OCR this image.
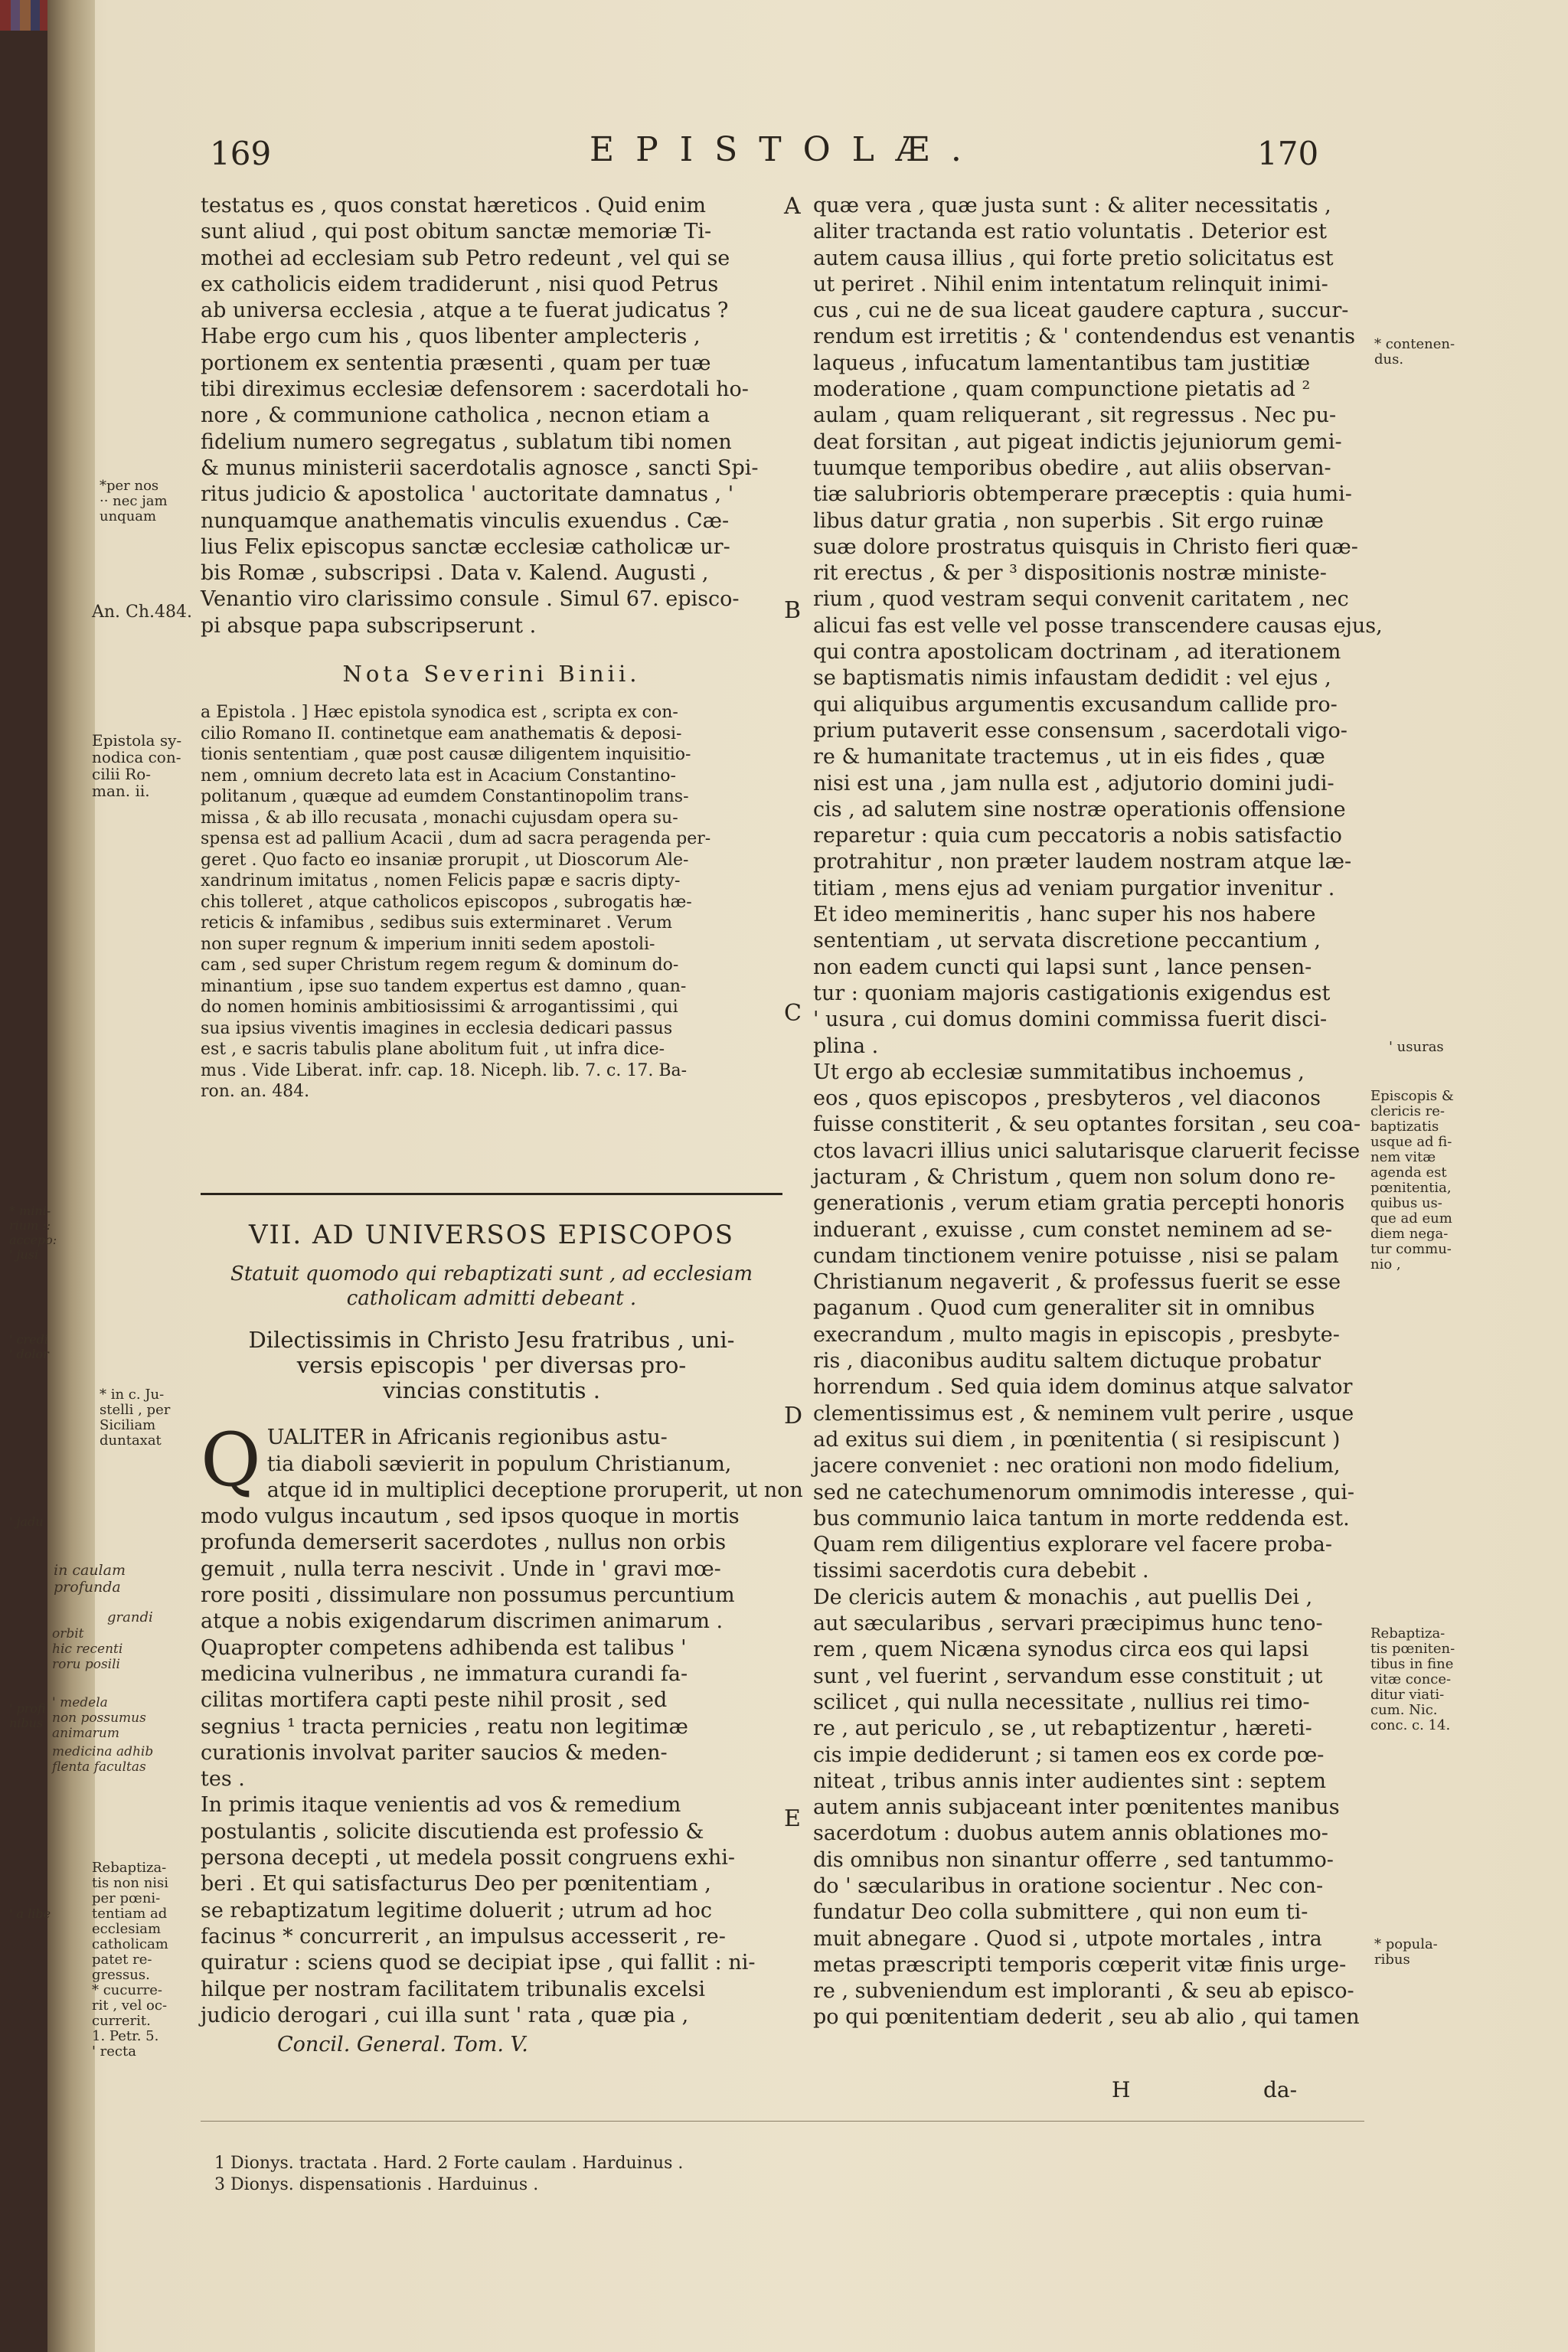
169	EPISTOLÆ.	170
testatus es , quos constat hæreticos . Quid enim
sunt aliud , qui post obitum sanctæ memoriæ Ti-
mothei ad ecclesiam sub Petro redeunt , vel qui se
ex catholicis eidem tradiderunt , nisi quod Petrus
ab universa ecclesia , atque a te fuerat judicatus ?
Habe ergo cum his , quos libenter amplecteris ,
portionem ex sententia præsenti , quam per tuæ
tibi direximus ecclesiæ defensorem : sacerdotali ho-
nore , & communione catholica , necnon etiam a
fidelium numero segregatus , sublatum tibi nomen
& munus ministerii sacerdotalis agnosce , sancti Spi-
ritus judicio & apostolica ' auctoritate damnatus , '
nunquamque anathematis vinculis exuendus . Cæ-
lius Felix episcopus sanctæ ecclesiæ catholicæ ur-
bis Romæ , subscripsi . Data v. Kalend. Augusti ,
Venantio viro clarissimo consule . Simul 67. episco-
pi absque papa subscripserunt .
Nota Severini Binii.
a Epistola . ] Hæc epistola synodica est , scripta ex con-
cilio Romano II. continetque eam anathematis & deposi-
tionis sententiam , quæ post causæ diligentem inquisitio-
nem , omnium decreto lata est in Acacium Constantino-
politanum , quæque ad eumdem Constantinopolim trans-
missa , & ab illo recusata , monachi cujusdam opera su-
spensa est ad pallium Acacii , dum ad sacra peragenda per-
geret . Quo facto eo insaniæ prorupit , ut Dioscorum Ale-
xandrinum imitatus , nomen Felicis papæ e sacris dipty-
chis tolleret , atque catholicos episcopos , subrogatis hæ-
reticis & infamibus , sedibus suis exterminaret . Verum
non super regnum & imperium inniti sedem apostoli-
cam , sed super Christum regem regum & dominum do-
minantium , ipse suo tandem expertus est damno , quan-
do nomen hominis ambitiosissimi & arrogantissimi , qui
sua ipsius viventis imagines in ecclesia dedicari passus
est , e sacris tabulis plane abolitum fuit , ut infra dice-
mus . Vide Liberat. infr. cap. 18. Niceph. lib. 7. c. 17. Ba-
ron. an. 484.
VII. AD UNIVERSOS EPISCOPOS
Statuit quomodo qui rebaptizati sunt , ad ecclesiam
catholicam admitti debeant .
Dilectissimis in Christo Jesu fratribus , uni-
versis episcopis ' per diversas pro-
vincias constitutis .
Q UALITER in Africanis regionibus astu-
tia diaboli sævierit in populum Christianum,
atque id in multiplici deceptione proruperit, ut non
modo vulgus incautum , sed ipsos quoque in mortis
profunda demerserit sacerdotes , nullus non orbis
gemuit , nulla terra nescivit . Unde in ' gravi mœ-
rore positi , dissimulare non possumus percuntium
atque a nobis exigendarum discrimen animarum .
Quapropter competens adhibenda est talibus '
medicina vulneribus , ne immatura curandi fa-
cilitas mortifera capti peste nihil prosit , sed
segnius ¹ tracta pernicies , reatu non legitimæ
curationis involvat pariter saucios & meden-
tes .
In primis itaque venientis ad vos & remedium
postulantis , solicite discutienda est professio &
persona decepti , ut medela possit congruens exhi-
beri . Et qui satisfacturus Deo per pœnitentiam ,
se rebaptizatum legitime doluerit ; utrum ad hoc
facinus * concurrerit , an impulsus accesserit , re-
quiratur : sciens quod se decipiat ipse , qui fallit : ni-
hilque per nostram facilitatem tribunalis excelsi
judicio derogari , cui illa sunt ' rata , quæ pia ,
Concil. General. Tom. V.
quæ vera , quæ justa sunt : & aliter necessitatis ,
aliter tractanda est ratio voluntatis . Deterior est
autem causa illius , qui forte pretio solicitatus est
ut periret . Nihil enim intentatum relinquit inimi-
cus , cui ne de sua liceat gaudere captura , succur-
rendum est irretitis ; & ' contendendus est venantis
laqueus , infucatum lamentantibus tam justitiæ
moderatione , quam compunctione pietatis ad ²
aulam , quam reliquerant , sit regressus . Nec pu-
deat forsitan , aut pigeat indictis jejuniorum gemi-
tuumque temporibus obedire , aut aliis observan-
tiæ salubrioris obtemperare præceptis : quia humi-
libus datur gratia , non superbis . Sit ergo ruinæ
suæ dolore prostratus quisquis in Christo fieri quæ-
rit erectus , & per ³ dispositionis nostræ ministe-
rium , quod vestram sequi convenit caritatem , nec
alicui fas est velle vel posse transcendere causas ejus,
qui contra apostolicam doctrinam , ad iterationem
se baptismatis nimis infaustam dedidit : vel ejus ,
qui aliquibus argumentis excusandum callide pro-
prium putaverit esse consensum , sacerdotali vigo-
re & humanitate tractemus , ut in eis fides , quæ
nisi est una , jam nulla est , adjutorio domini judi-
cis , ad salutem sine nostræ operationis offensione
reparetur : quia cum peccatoris a nobis satisfactio
protrahitur , non præter laudem nostram atque læ-
titiam , mens ejus ad veniam purgatior invenitur .
Et ideo memineritis , hanc super his nos habere
sententiam , ut servata discretione peccantium ,
non eadem cuncti qui lapsi sunt , lance pensen-
tur : quoniam majoris castigationis exigendus est
' usura , cui domus domini commissa fuerit disci-
plina .
Ut ergo ab ecclesiæ summitatibus inchoemus ,
eos , quos episcopos , presbyteros , vel diaconos
fuisse constiterit , & seu optantes forsitan , seu coa-
ctos lavacri illius unici salutarisque claruerit fecisse
jacturam , & Christum , quem non solum dono re-
generationis , verum etiam gratia percepti honoris
induerant , exuisse , cum constet neminem ad se-
cundam tinctionem venire potuisse , nisi se palam
Christianum negaverit , & professus fuerit se esse
paganum . Quod cum generaliter sit in omnibus
execrandum , multo magis in episcopis , presbyte-
ris , diaconibus auditu saltem dictuque probatur
horrendum . Sed quia idem dominus atque salvator
clementissimus est , & neminem vult perire , usque
ad exitus sui diem , in pœnitentia ( si resipiscunt )
jacere conveniet : nec orationi non modo fidelium,
sed ne catechumenorum omnimodis interesse , qui-
bus communio laica tantum in morte reddenda est.
Quam rem diligentius explorare vel facere proba-
tissimi sacerdotis cura debebit .
De clericis autem & monachis , aut puellis Dei ,
aut sæcularibus , servari præcipimus hunc teno-
rem , quem Nicæna synodus circa eos qui lapsi
sunt , vel fuerint , servandum esse constituit ; ut
scilicet , qui nulla necessitate , nullius rei timo-
re , aut periculo , se , ut rebaptizentur , hæreti-
cis impie dediderunt ; si tamen eos ex corde pœ-
niteat , tribus annis inter audientes sint : septem
autem annis subjaceant inter pœnitentes manibus
sacerdotum : duobus autem annis oblationes mo-
dis omnibus non sinantur offerre , sed tantummo-
do ' sæcularibus in oratione socientur . Nec con-
fundatur Deo colla submittere , qui non eum ti-
muit abnegare . Quod si , utpote mortales , intra
metas præscripti temporis cœperit vitæ finis urge-
re , subveniendum est imploranti , & seu ab episco-
po qui pœnitentiam dederit , seu ab alio , qui tamen
H	da-
A
B
C
D
E
*per nos
·· nec jam
unquam
An. Ch.484.
Epistola sy-
nodica con-
cilii Ro-
man. ii.
* in c. Ju-
stelli , per
Siciliam
duntaxat
Rebaptiza-
tis non nisi
per pœni-
tentiam ad
ecclesiam
catholicam
patet re-
gressus.
* cucurre-
rit , vel oc-
currerit.
1. Petr. 5.
' recta
* contenen-
dus.
' usuras
Episcopis &
clericis re-
baptizatis
usque ad fi-
nem vitæ
agenda est
pœnitentia,
quibus us-
que ad eum
diem nega-
tur commu-
nio ,
Rebaptiza-
tis pœniten-
tibus in fine
vitæ conce-
ditur viati-
cum. Nic.
conc. c. 14.
* popula-
ribus
* mini-
rium ::
accepo:
' jusi
' credi
' dolor
' jadu
in caulam
profunda
grandi
orbit
hic recenti
roru posili
' medela
non possumus
animarum
medicina adhib
flenta facultas
' profi
nibus
' a libe
1 Dionys. tractata . Hard. 2 Forte caulam . Harduinus .
3 Dionys. dispensationis . Harduinus .
